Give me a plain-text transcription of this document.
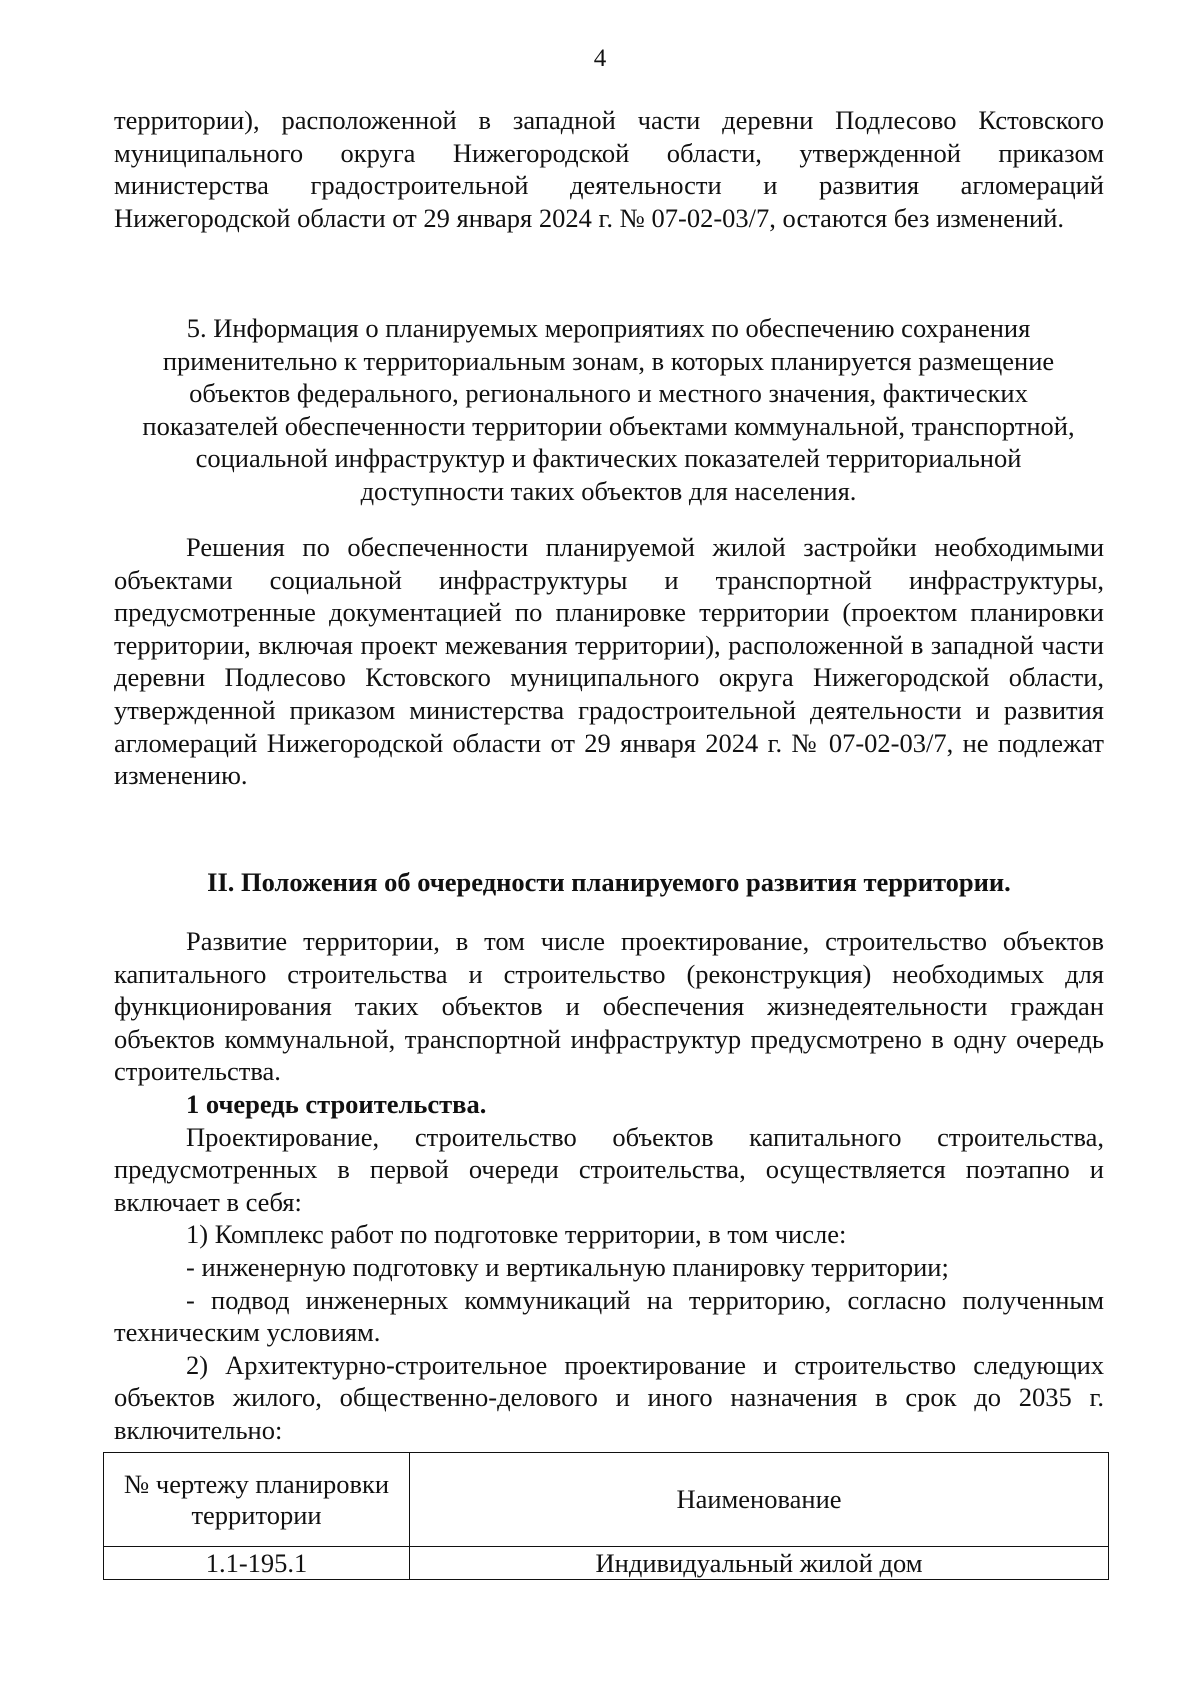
4

территории), расположенной в западной части деревни Подлесово Кстовского муниципального округа Нижегородской области, утвержденной приказом министерства градостроительной деятельности и развития агломераций Нижегородской области от 29 января 2024 г. № 07-02-03/7, остаются без изменений.

5. Информация о планируемых мероприятиях по обеспечению сохранения

применительно к территориальным зонам, в которых планируется размещение

объектов федерального, регионального и местного значения, фактических

показателей обеспеченности территории объектами коммунальной, транспортной,

социальной инфраструктур и фактических показателей территориальной

доступности таких объектов для населения.

Решения по обеспеченности планируемой жилой застройки необходимыми объектами социальной инфраструктуры и транспортной инфраструктуры, предусмотренные документацией по планировке территории (проектом планировки территории, включая проект межевания территории), расположенной в западной части деревни Подлесово Кстовского муниципального округа Нижегородской области, утвержденной приказом министерства градостроительной деятельности и развития агломераций Нижегородской области от 29 января 2024 г. № 07-02-03/7, не подлежат изменению.

II. Положения об очередности планируемого развития территории.

Развитие территории, в том числе проектирование, строительство объектов капитального строительства и строительство (реконструкция) необходимых для функционирования таких объектов и обеспечения жизнедеятельности граждан объектов коммунальной, транспортной инфраструктур предусмотрено в одну очередь строительства.

1 очередь строительства.

Проектирование, строительство объектов капитального строительства, предусмотренных в первой очереди строительства, осуществляется поэтапно и включает в себя:

1) Комплекс работ по подготовке территории, в том числе:

- инженерную подготовку и вертикальную планировку территории;

- подвод инженерных коммуникаций на территорию, согласно полученным техническим условиям.

2) Архитектурно-строительное проектирование и строительство следующих объектов жилого, общественно-делового и иного назначения в срок до 2035 г. включительно:

№ чертежу планировки территории	Наименование
1.1-195.1	Индивидуальный жилой дом
